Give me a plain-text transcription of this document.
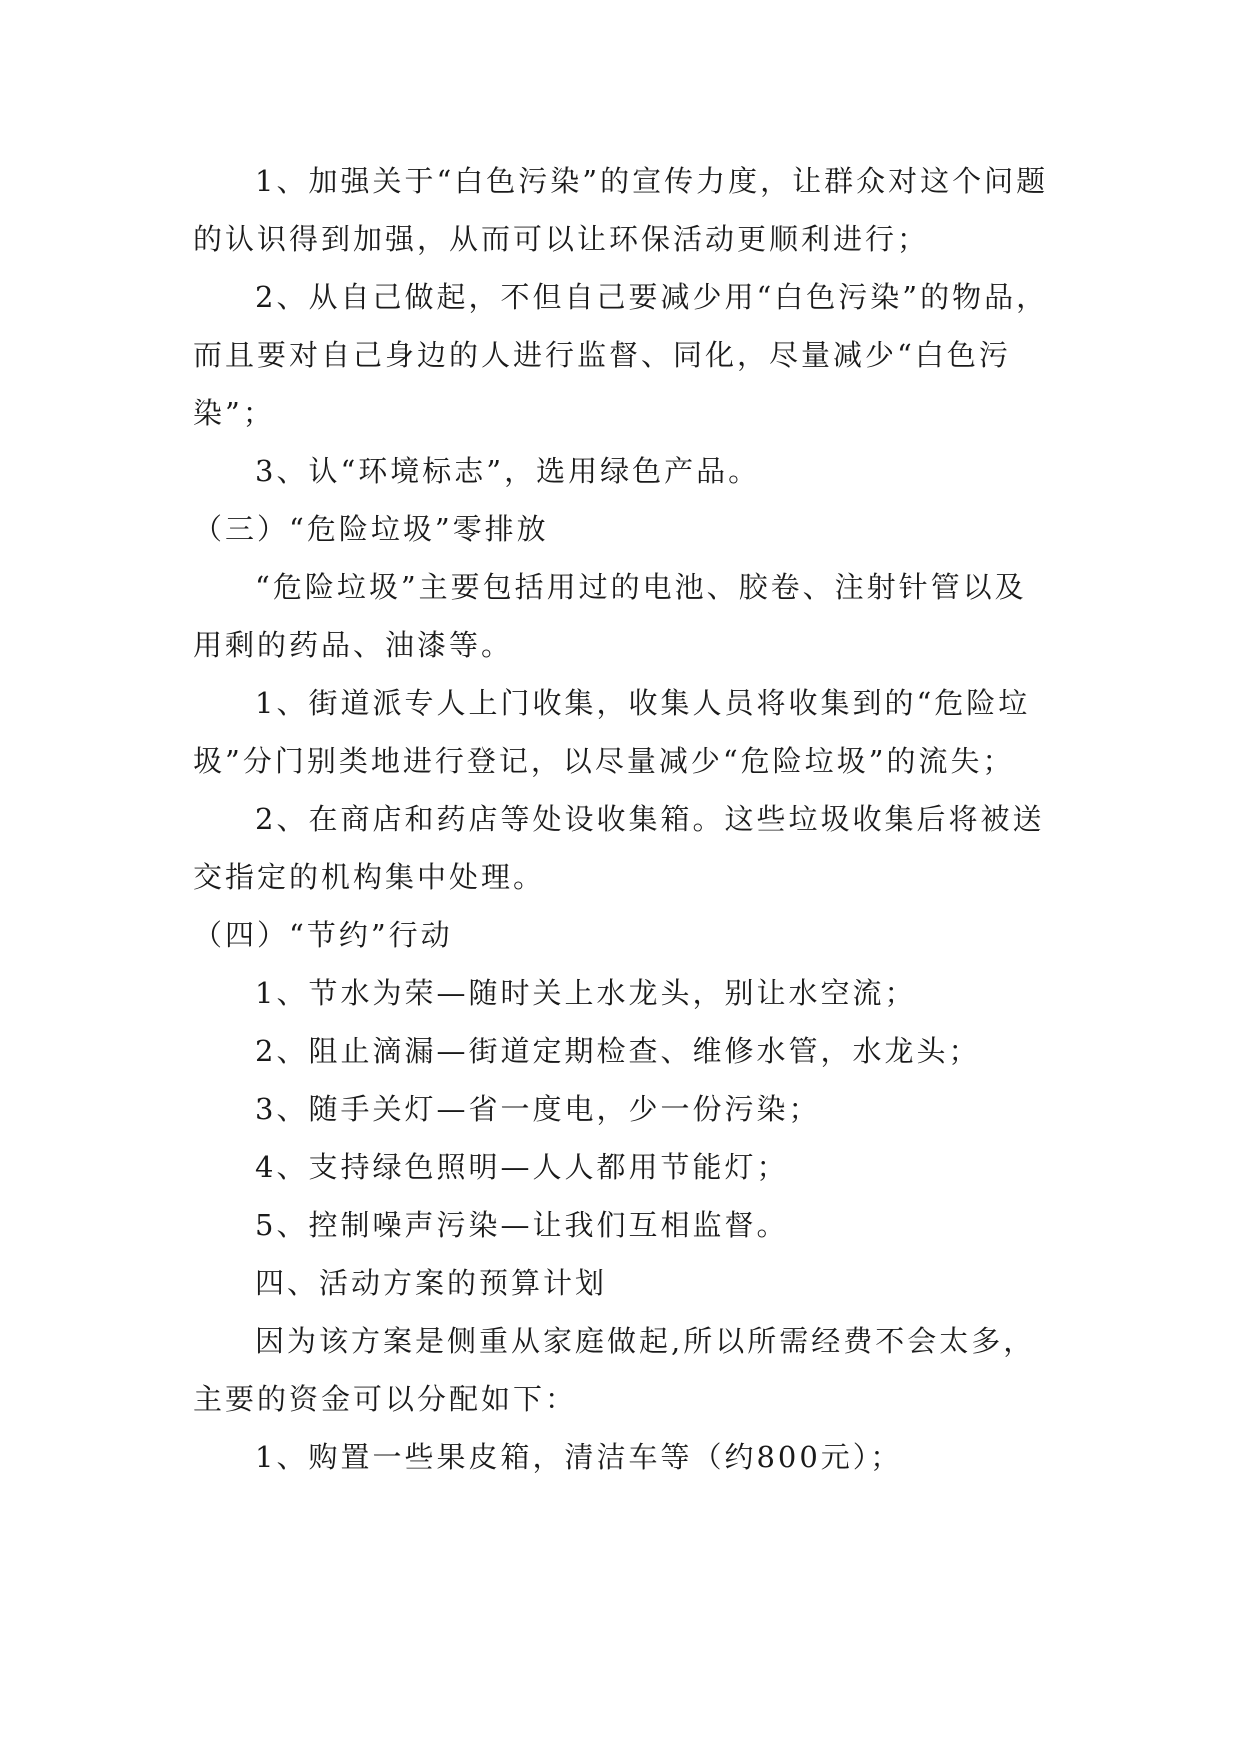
1、加强关于“白色污染”的宣传力度，让群众对这个问题的认识得到加强，从而可以让环保活动更顺利进行；

2、从自己做起，不但自己要减少用“白色污染”的物品，而且要对自己身边的人进行监督、同化，尽量减少“白色污染”；

3、认“环境标志”，选用绿色产品。

（三）“危险垃圾”零排放

“危险垃圾”主要包括用过的电池、胶卷、注射针管以及用剩的药品、油漆等。

1、街道派专人上门收集，收集人员将收集到的“危险垃圾”分门别类地进行登记，以尽量减少“危险垃圾”的流失；

2、在商店和药店等处设收集箱。这些垃圾收集后将被送交指定的机构集中处理。

（四）“节约”行动

1、节水为荣—随时关上水龙头，别让水空流；

2、阻止滴漏—街道定期检查、维修水管，水龙头；

3、随手关灯—省一度电，少一份污染；

4、支持绿色照明—人人都用节能灯；

5、控制噪声污染—让我们互相监督。

四、活动方案的预算计划

因为该方案是侧重从家庭做起,所以所需经费不会太多，主要的资金可以分配如下：

1、购置一些果皮箱，清洁车等（约800元）；
